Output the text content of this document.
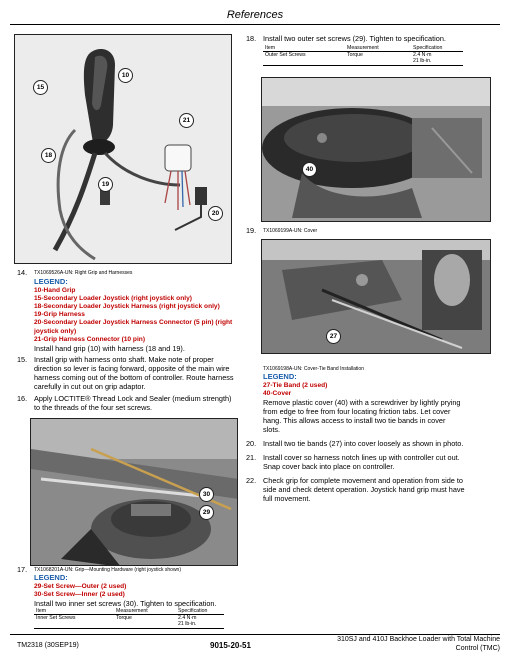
References
10
15
21
18
19
20
14. TX1069526A-UN: Right Grip and Harnesses
LEGEND:
10-Hand Grip
15-Secondary Loader Joystick (right joystick only)
18-Secondary Loader Joystick Harness (right joystick only)
19-Grip Harness
20-Secondary Loader Joystick Harness Connector (5 pin) (right
joystick only)
21-Grip Harness Connector (10 pin)
Install hand grip (10) with harness (18 and 19).
15. Install grip with harness onto shaft. Make note of proper
direction so lever is facing forward, opposite of the main wire
harness coming out of the bottom of controller. Route harness
carefully in cut out on grip adaptor.
16. Apply LOCTITE® Thread Lock and Sealer (medium strength)
to the threads of the four set screws.
30
29
17. TX1068201A-UN: Grip—Mounting Hardware (right joystick shown)
LEGEND:
29-Set Screw—Outer (2 used)
30-Set Screw—Inner (2 used)
Install two inner set screws (30). Tighten to specification.
Item	Measurement	Specification
Inner Set Screws	Torque	2.4 N·m
		21 lb-in.
18. Install two outer set screws (29). Tighten to specification.
Item	Measurement	Specification
Outer Set Screws	Torque	2.4 N·m
		21 lb-in.
40
19. TX1069199A-UN: Cover
27
TX1069198A-UN: Cover-Tie Band Installation
LEGEND:
27-Tie Band (2 used)
40-Cover
Remove plastic cover (40) with a screwdriver by lightly prying
from edge to free from four locating friction tabs. Let cover
hang. This allows access to install two tie bands in cover
slots.
20. Install two tie bands (27) into cover loosely as shown in photo.
21. Install cover so harness notch lines up with controller cut out.
Snap cover back into place on controller.
22. Check grip for complete movement and operation from side to
side and check detent operation. Joystick hand grip must have
full movement.
TM2318 (30SEP19)	9015-20-51
310SJ and 410J Backhoe Loader with Total Machine
Control (TMC)
